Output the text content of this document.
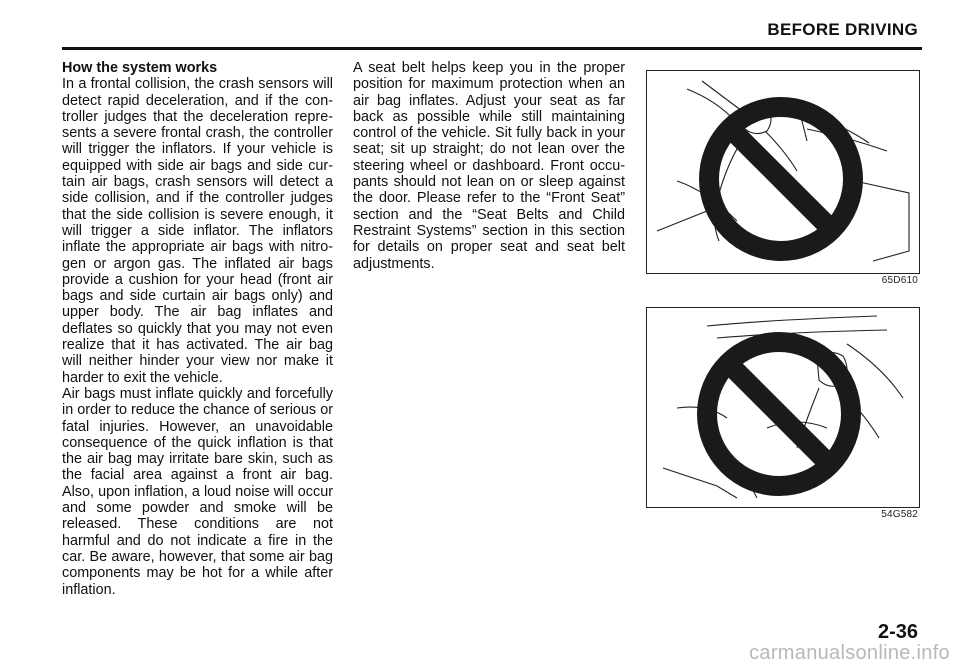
BEFORE DRIVING
How the system works

In a frontal collision, the crash sensors will detect rapid deceleration, and if the controller judges that the deceleration represents a severe frontal crash, the controller will trigger the inflators. If your vehicle is equipped with side air bags and side curtain air bags, crash sensors will detect a side collision, and if the controller judges that the side collision is severe enough, it will trigger a side inflator. The inflators inflate the appropriate air bags with nitrogen or argon gas. The inflated air bags provide a cushion for your head (front air bags and side curtain air bags only) and upper body. The air bag inflates and deflates so quickly that you may not even realize that it has activated. The air bag will neither hinder your view nor make it harder to exit the vehicle.

Air bags must inflate quickly and forcefully in order to reduce the chance of serious or fatal injuries. However, an unavoidable consequence of the quick inflation is that the air bag may irritate bare skin, such as the facial area against a front air bag. Also, upon inflation, a loud noise will occur and some powder and smoke will be released. These conditions are not harmful and do not indicate a fire in the car. Be aware, however, that some air bag components may be hot for a while after inflation.

A seat belt helps keep you in the proper position for maximum protection when an air bag inflates. Adjust your seat as far back as possible while still maintaining control of the vehicle. Sit fully back in your seat; sit up straight; do not lean over the steering wheel or dashboard. Front occupants should not lean on or sleep against the door. Please refer to the “Front Seat” section and the “Seat Belts and Child Restraint Systems” section in this section for details on proper seat and seat belt adjustments.

65D610
54G582
2-36
carmanualsonline.info
